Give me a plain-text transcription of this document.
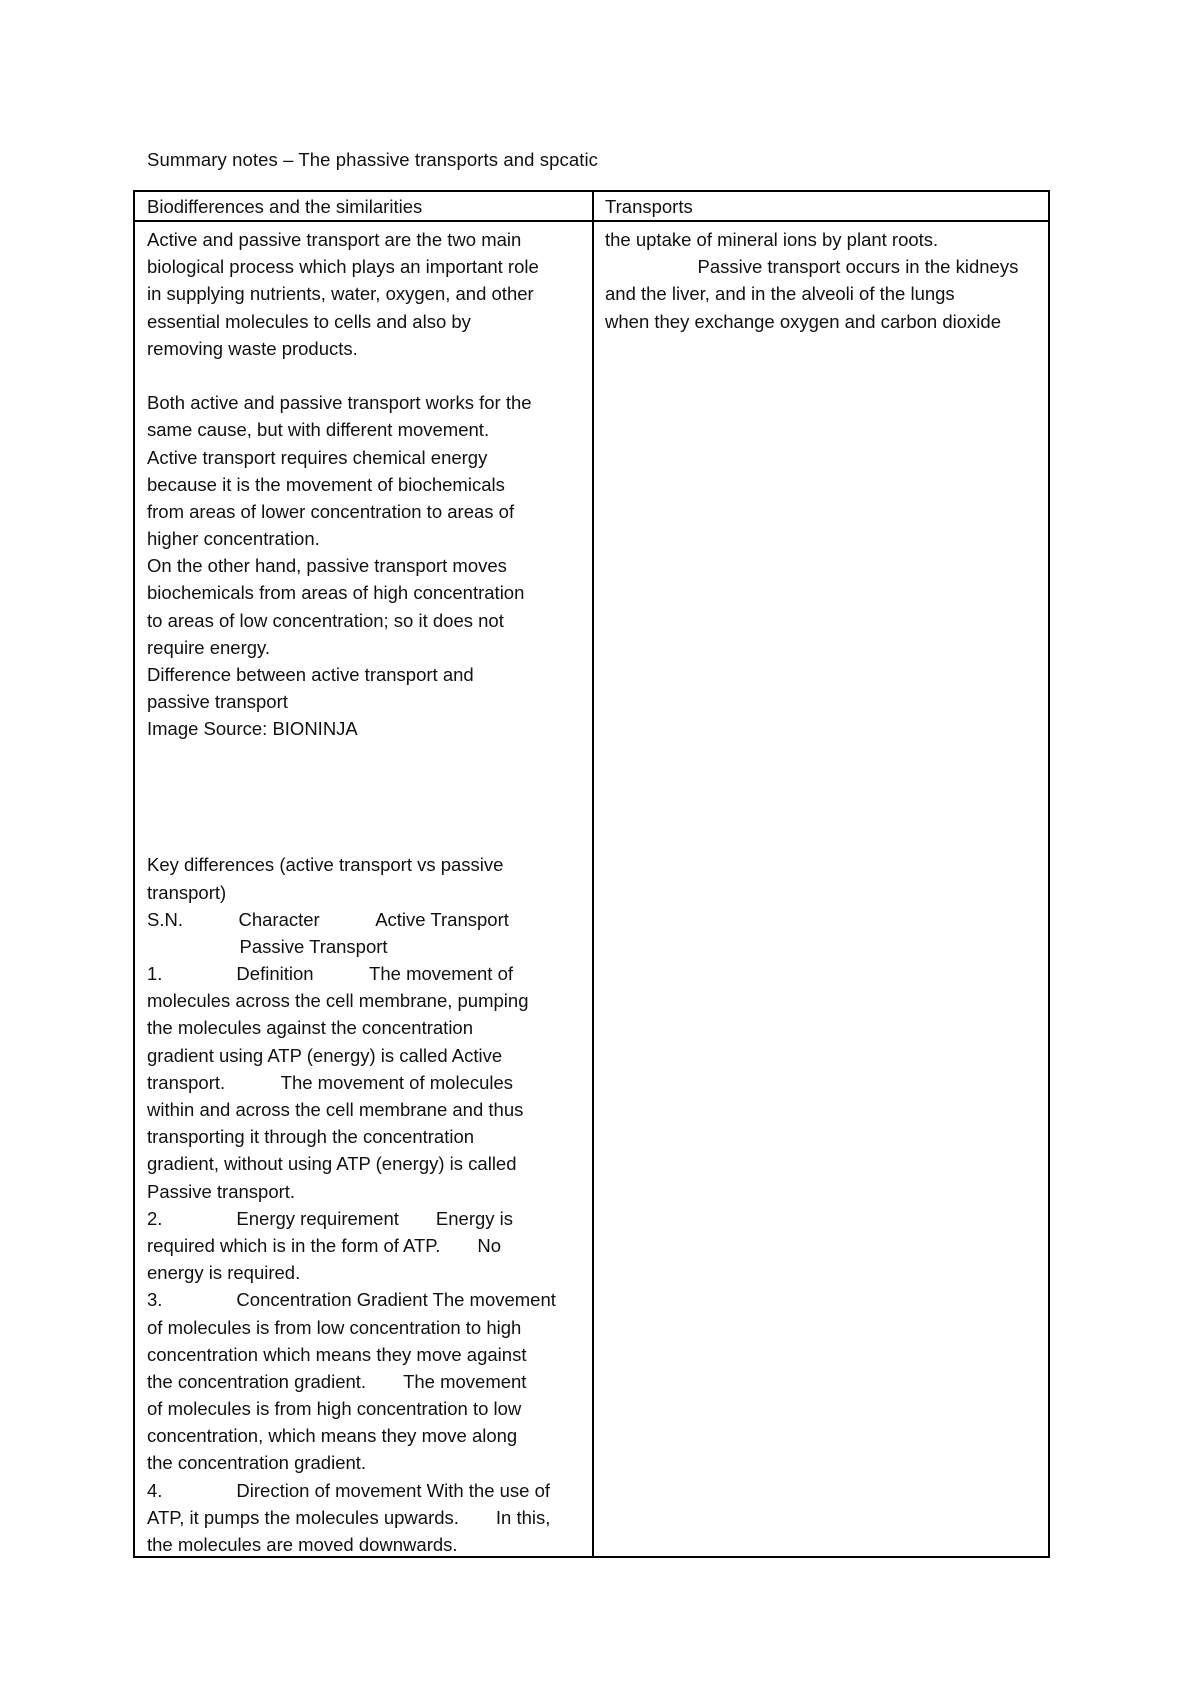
Summary notes – The phassive transports and spcatic
Biodifferences and the similarities	Transports
Active and passive transport are the two main
biological process which plays an important role
in supplying nutrients, water, oxygen, and other
essential molecules to cells and also by
removing waste products.
Both active and passive transport works for the
same cause, but with different movement.
Active transport requires chemical energy
because it is the movement of biochemicals
from areas of lower concentration to areas of
higher concentration.
On the other hand, passive transport moves
biochemicals from areas of high concentration
to areas of low concentration; so it does not
require energy.
Difference between active transport and
passive transport
Image Source: BIONINJA
Key differences (active transport vs passive
transport)
S.N.   Character   Active Transport
     Passive Transport
1.    Definition   The movement of
molecules across the cell membrane, pumping
the molecules against the concentration
gradient using ATP (energy) is called Active
transport.   The movement of molecules
within and across the cell membrane and thus
transporting it through the concentration
gradient, without using ATP (energy) is called
Passive transport.
2.    Energy requirement  Energy is
required which is in the form of ATP.  No
energy is required.
3.    Concentration Gradient The movement
of molecules is from low concentration to high
concentration which means they move against
the concentration gradient.  The movement
of molecules is from high concentration to low
concentration, which means they move along
the concentration gradient.
4.    Direction of movement With the use of
ATP, it pumps the molecules upwards.  In this,
the molecules are moved downwards.
the uptake of mineral ions by plant roots.
     Passive transport occurs in the kidneys
and the liver, and in the alveoli of the lungs
when they exchange oxygen and carbon dioxide
